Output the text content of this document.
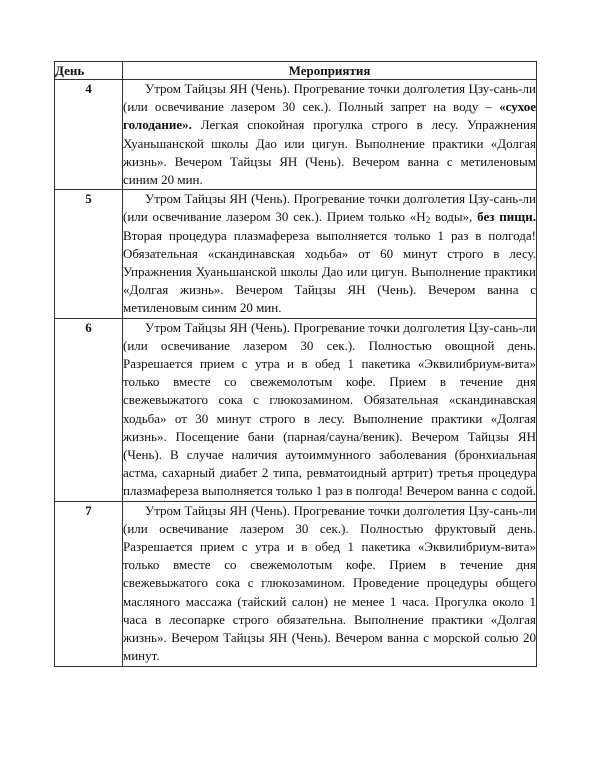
День	Мероприятия
4	Утром Тайцзы ЯН (Чень). Прогревание точки долголетия Цзу-сань-ли (или освечивание лазером 30 сек.). Полный запрет на воду – «сухое голодание». Легкая спокойная прогулка строго в лесу. Упражнения Хуаньшанской школы Дао или цигун. Выполнение практики «Долгая жизнь». Вечером Тайцзы ЯН (Чень). Вечером ванна с метиленовым синим 20 мин.

5	Утром Тайцзы ЯН (Чень). Прогревание точки долголетия Цзу-сань-ли (или освечивание лазером 30 сек.). Прием только «$H_2$ воды», без пищи. Вторая процедура плазмафереза выполняется только 1 раз в полгода! Обязательная «скандинавская ходьба» от 60 минут строго в лесу. Упражнения Хуаньшанской школы Дао или цигун. Выполнение практики «Долгая жизнь». Вечером Тайцзы ЯН (Чень). Вечером ванна с метиленовым синим 20 мин.

6	Утром Тайцзы ЯН (Чень). Прогревание точки долголетия Цзу-сань-ли (или освечивание лазером 30 сек.). Полностью овощной день. Разрешается прием с утра и в обед 1 пакетика «Эквилибриум-вита» только вместе со свежемолотым кофе. Прием в течение дня свежевыжатого сока с глюкозамином. Обязательная «скандинавская ходьба» от 30 минут строго в лесу. Выполнение практики «Долгая жизнь». Посещение бани (парная/сауна/веник). Вечером Тайцзы ЯН (Чень). В случае наличия аутоиммунного заболевания (бронхиальная астма, сахарный диабет 2 типа, ревматоидный артрит) третья процедура плазмафереза выполняется только 1 раз в полгода! Вечером ванна с содой.

7	Утром Тайцзы ЯН (Чень). Прогревание точки долголетия Цзу-сань-ли (или освечивание лазером 30 сек.). Полностью фруктовый день. Разрешается прием с утра и в обед 1 пакетика «Эквилибриум-вита» только вместе со свежемолотым кофе. Прием в течение дня свежевыжатого сока с глюкозамином. Проведение процедуры общего масляного массажа (тайский салон) не менее 1 часа. Прогулка около 1 часа в лесопарке строго обязательна. Выполнение практики «Долгая жизнь». Вечером Тайцзы ЯН (Чень). Вечером ванна с морской солью 20 минут.
